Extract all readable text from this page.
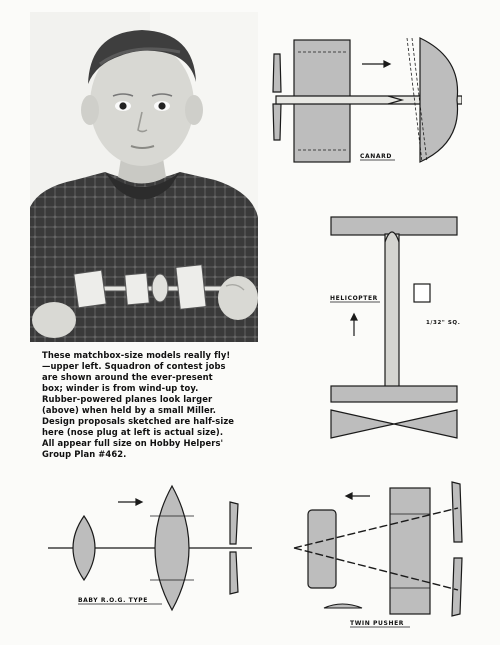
These matchbox-size models really fly!
—upper left. Squadron of contest jobs
are shown around the ever-present
box; winder is from wind-up toy.
Rubber-powered planes look larger
(above) when held by a small Miller.
Design proposals sketched are half-size
here (nose plug at left is actual size).
All appear full size on Hobby Helpers'
Group Plan #462.
CANARD
HELICOPTER
1/32" SQ.
BABY R.O.G. TYPE
TWIN PUSHER
